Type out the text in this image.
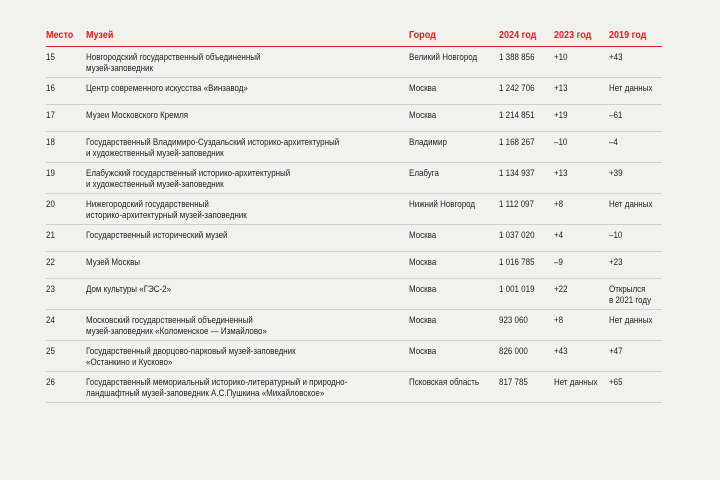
Место	Музей	Город	2024 год	2023 год	2019 год
15	Новгородский государственный объединенный
музей-заповедник	Великий Новгород	1 388 856	+10	+43
16	Центр современного искусства «Винзавод»	Москва	1 242 706	+13	Нет данных
17	Музеи Московского Кремля	Москва	1 214 851	+19	–61
18	Государственный Владимиро-Суздальский историко-архитектурный
и художественный музей-заповедник	Владимир	1 168 267	–10	–4
19	Елабужский государственный историко-архитектурный
и художественный музей-заповедник	Елабуга	1 134 937	+13	+39
20	Нижегородский государственный
историко-архитектурный музей-заповедник	Нижний Новгород	1 112 097	+8	Нет данных
21	Государственный исторический музей	Москва	1 037 020	+4	–10
22	Музей Москвы	Москва	1 016 785	–9	+23
23	Дом культуры «ГЭС-2»	Москва	1 001 019	+22	Открылся
в 2021 году
24	Московский государственный объединенный
музей-заповедник «Коломенское — Измайлово»	Москва	923 060	+8	Нет данных
25	Государственный дворцово-парковый музей-заповедник
«Останкино и Кусково»	Москва	826 000	+43	+47
26	Государственный мемориальный историко-литературный и природно-
ландшафтный музей-заповедник А.С.Пушкина «Михайловское»	Псковская область	817 785	Нет данных	+65
